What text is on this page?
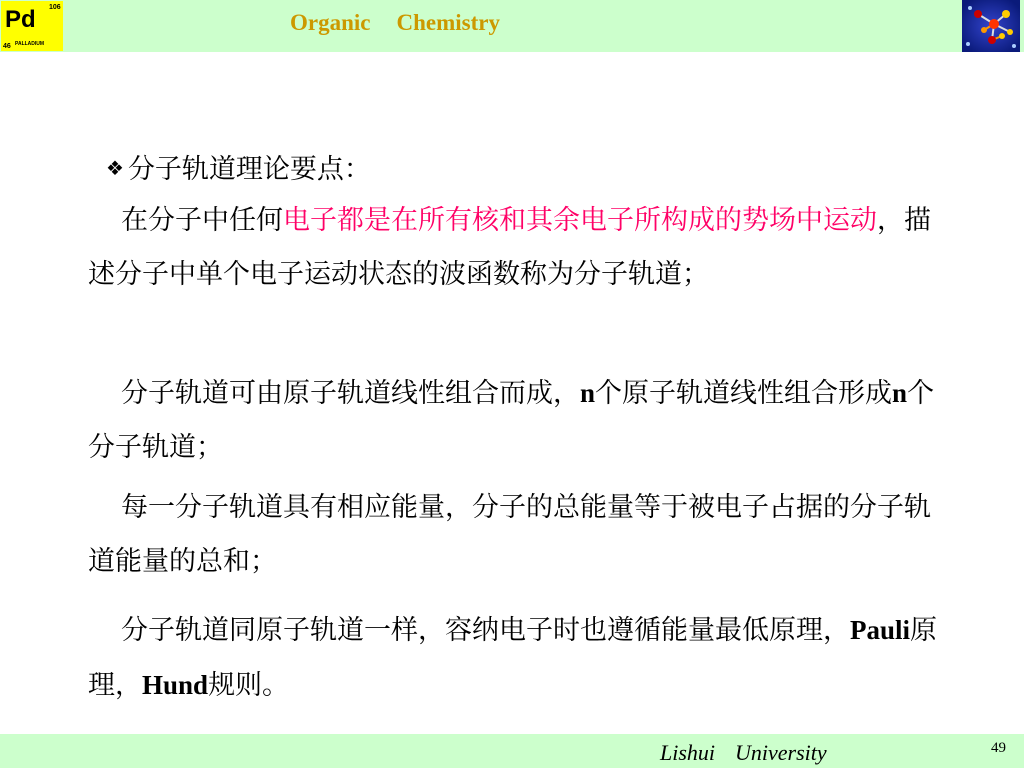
106
Pd
46 PALLADIUM
Organic Chemistry
❖ 分子轨道理论要点：
在分子中任何电子都是在所有核和其余电子所构成的势场中运动，描述分子中单个电子运动状态的波函数称为分子轨道；
分子轨道可由原子轨道线性组合而成，n个原子轨道线性组合形成n个分子轨道；
每一分子轨道具有相应能量，分子的总能量等于被电子占据的分子轨道能量的总和；
分子轨道同原子轨道一样，容纳电子时也遵循能量最低原理，Pauli原理，Hund规则。
Lishui University	49
